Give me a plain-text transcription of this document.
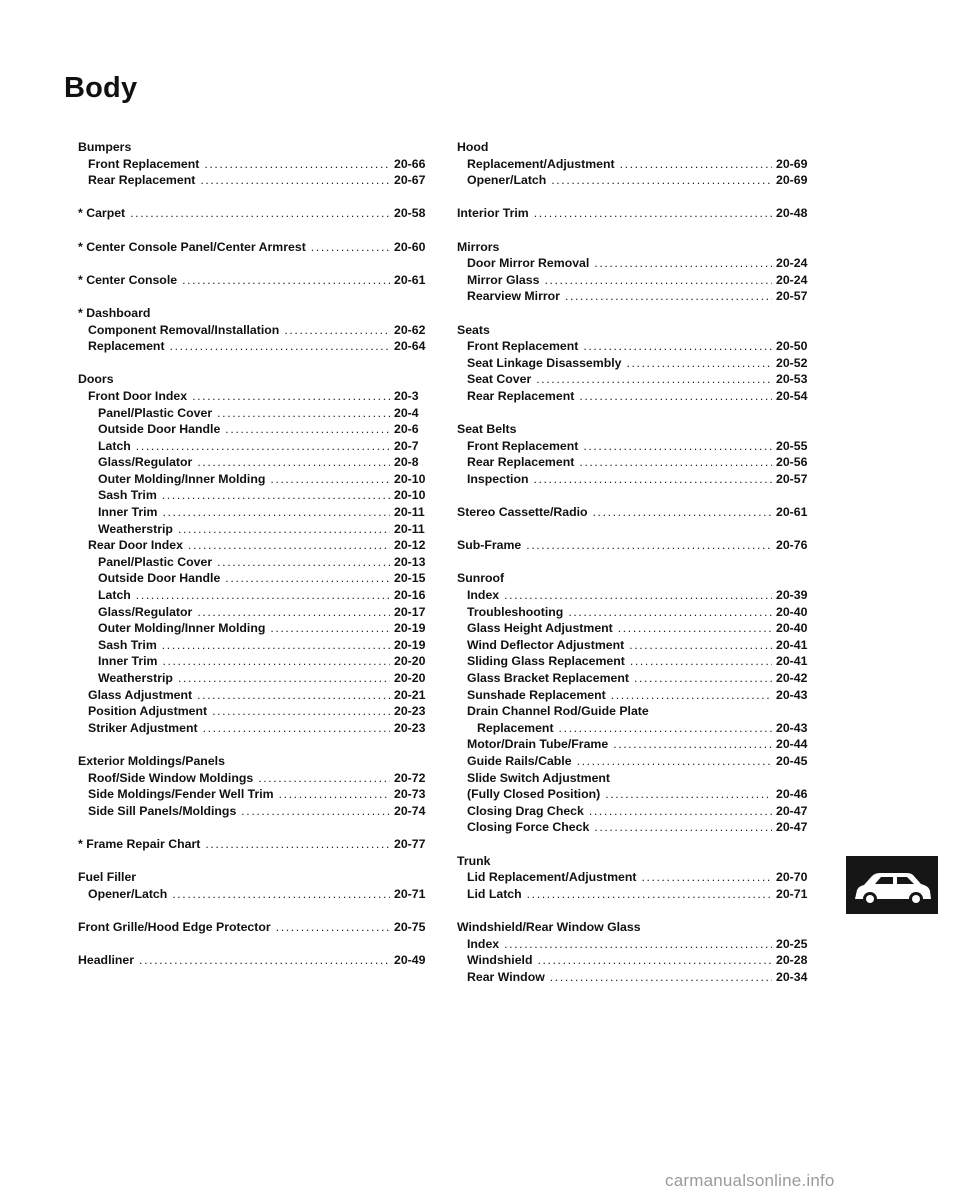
Body
Bumpers
Front Replacement .....	20-66
Rear Replacement .....	20-67
* Carpet .....	20-58
* Center Console Panel/Center Armrest .....	20-60
* Center Console .....	20-61
* Dashboard
Component Removal/Installation .....	20-62
Replacement .....	20-64
Doors
Front Door Index .....	20-3
Panel/Plastic Cover .....	20-4
Outside Door Handle .....	20-6
Latch .....	20-7
Glass/Regulator .....	20-8
Outer Molding/Inner Molding .....	20-10
Sash Trim .....	20-10
Inner Trim .....	20-11
Weatherstrip .....	20-11
Rear Door Index .....	20-12
Panel/Plastic Cover .....	20-13
Outside Door Handle .....	20-15
Latch .....	20-16
Glass/Regulator .....	20-17
Outer Molding/Inner Molding .....	20-19
Sash Trim .....	20-19
Inner Trim .....	20-20
Weatherstrip .....	20-20
Glass Adjustment .....	20-21
Position Adjustment .....	20-23
Striker Adjustment .....	20-23
Exterior Moldings/Panels
Roof/Side Window Moldings .....	20-72
Side Moldings/Fender Well Trim .....	20-73
Side Sill Panels/Moldings .....	20-74
* Frame Repair Chart .....	20-77
Fuel Filler
Opener/Latch .....	20-71
Front Grille/Hood Edge Protector .....	20-75
Headliner .....	20-49
Hood
Replacement/Adjustment .....	20-69
Opener/Latch .....	20-69
Interior Trim .....	20-48
Mirrors
Door Mirror Removal .....	20-24
Mirror Glass .....	20-24
Rearview Mirror .....	20-57
Seats
Front Replacement .....	20-50
Seat Linkage Disassembly .....	20-52
Seat Cover .....	20-53
Rear Replacement .....	20-54
Seat Belts
Front Replacement .....	20-55
Rear Replacement .....	20-56
Inspection .....	20-57
Stereo Cassette/Radio .....	20-61
Sub-Frame .....	20-76
Sunroof
Index .....	20-39
Troubleshooting .....	20-40
Glass Height Adjustment .....	20-40
Wind Deflector Adjustment .....	20-41
Sliding Glass Replacement .....	20-41
Glass Bracket Replacement .....	20-42
Sunshade Replacement .....	20-43
Drain Channel Rod/Guide Plate
Replacement .....	20-43
Motor/Drain Tube/Frame .....	20-44
Guide Rails/Cable .....	20-45
Slide Switch Adjustment
(Fully Closed Position) .....	20-46
Closing Drag Check .....	20-47
Closing Force Check .....	20-47
Trunk
Lid Replacement/Adjustment .....	20-70
Lid Latch .....	20-71
Windshield/Rear Window Glass
Index .....	20-25
Windshield .....	20-28
Rear Window .....	20-34
carmanualsonline.info
